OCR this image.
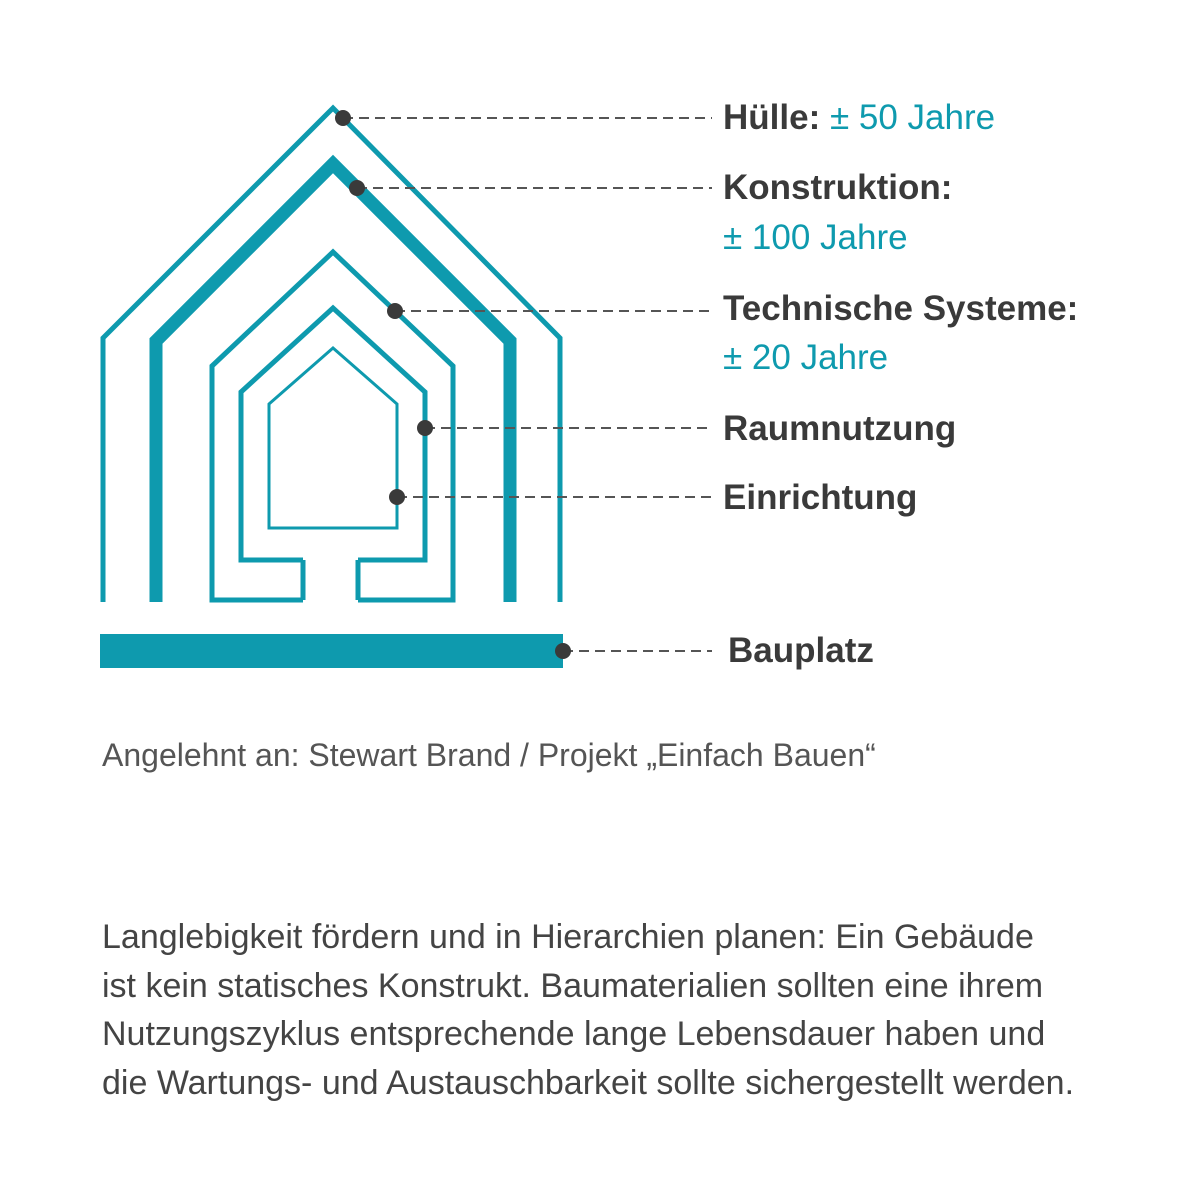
Hülle: ± 50 Jahre
Konstruktion:
± 100 Jahre
Technische Systeme:
± 20 Jahre
Raumnutzung
Einrichtung
Bauplatz
Angelehnt an: Stewart Brand / Projekt „Einfach Bauen“
Langlebigkeit fördern und in Hierarchien planen: Ein Gebäude
ist kein statisches Konstrukt. Baumaterialien sollten eine ihrem
Nutzungszyklus entsprechende lange Lebensdauer haben und
die Wartungs- und Austauschbarkeit sollte sichergestellt werden.
